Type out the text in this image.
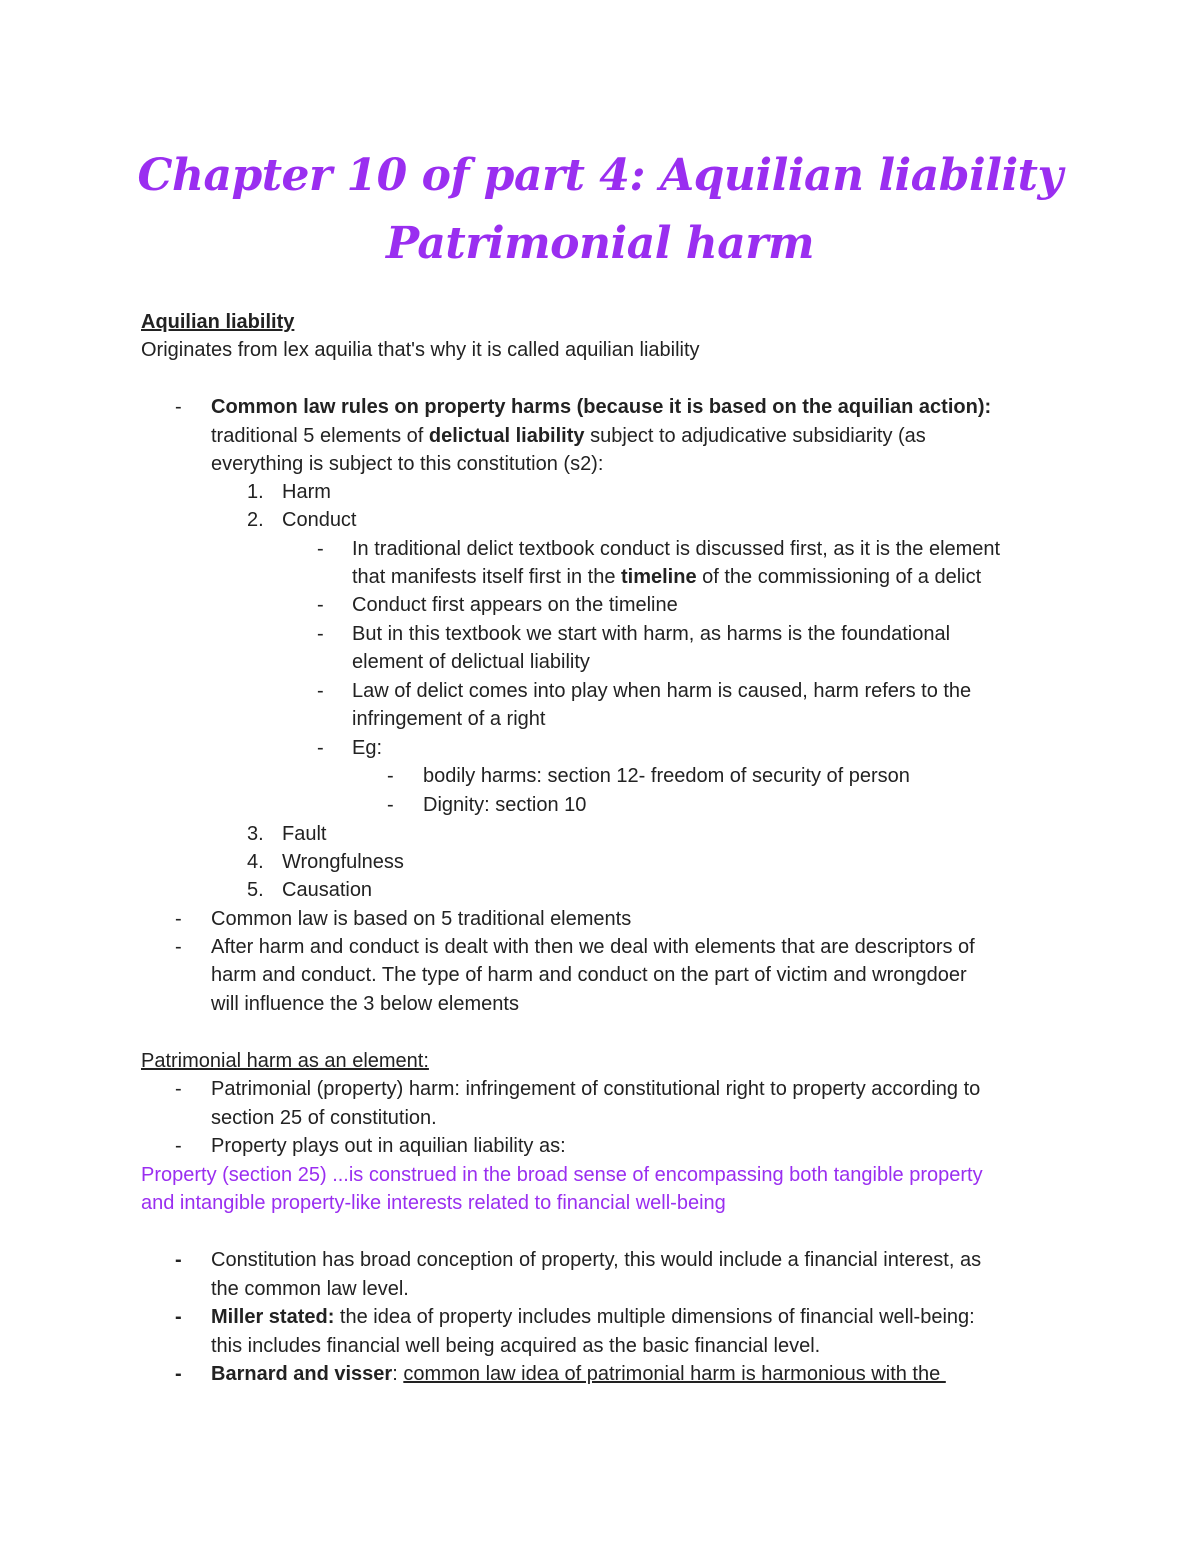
Chapter 10 of part 4: Aquilian liability
Patrimonial harm
Aquilian liability
Originates from lex aquilia that's why it is called aquilian liability
- Common law rules on property harms (because it is based on the aquilian action):
traditional 5 elements of delictual liability subject to adjudicative subsidiarity (as
everything is subject to this constitution (s2):
1. Harm
2. Conduct
- In traditional delict textbook conduct is discussed first, as it is the element
that manifests itself first in the timeline of the commissioning of a delict
- Conduct first appears on the timeline
- But in this textbook we start with harm, as harms is the foundational
element of delictual liability
- Law of delict comes into play when harm is caused, harm refers to the
infringement of a right
- Eg:
- bodily harms: section 12- freedom of security of person
- Dignity: section 10
3. Fault
4. Wrongfulness
5. Causation
- Common law is based on 5 traditional elements
- After harm and conduct is dealt with then we deal with elements that are descriptors of
harm and conduct. The type of harm and conduct on the part of victim and wrongdoer
will influence the 3 below elements
Patrimonial harm as an element:
- Patrimonial (property) harm: infringement of constitutional right to property according to
section 25 of constitution.
- Property plays out in aquilian liability as:
Property (section 25) ...is construed in the broad sense of encompassing both tangible property
and intangible property-like interests related to financial well-being
- Constitution has broad conception of property, this would include a financial interest, as
the common law level.
- Miller stated: the idea of property includes multiple dimensions of financial well-being:
this includes financial well being acquired as the basic financial level.
- Barnard and visser: common law idea of patrimonial harm is harmonious with the
